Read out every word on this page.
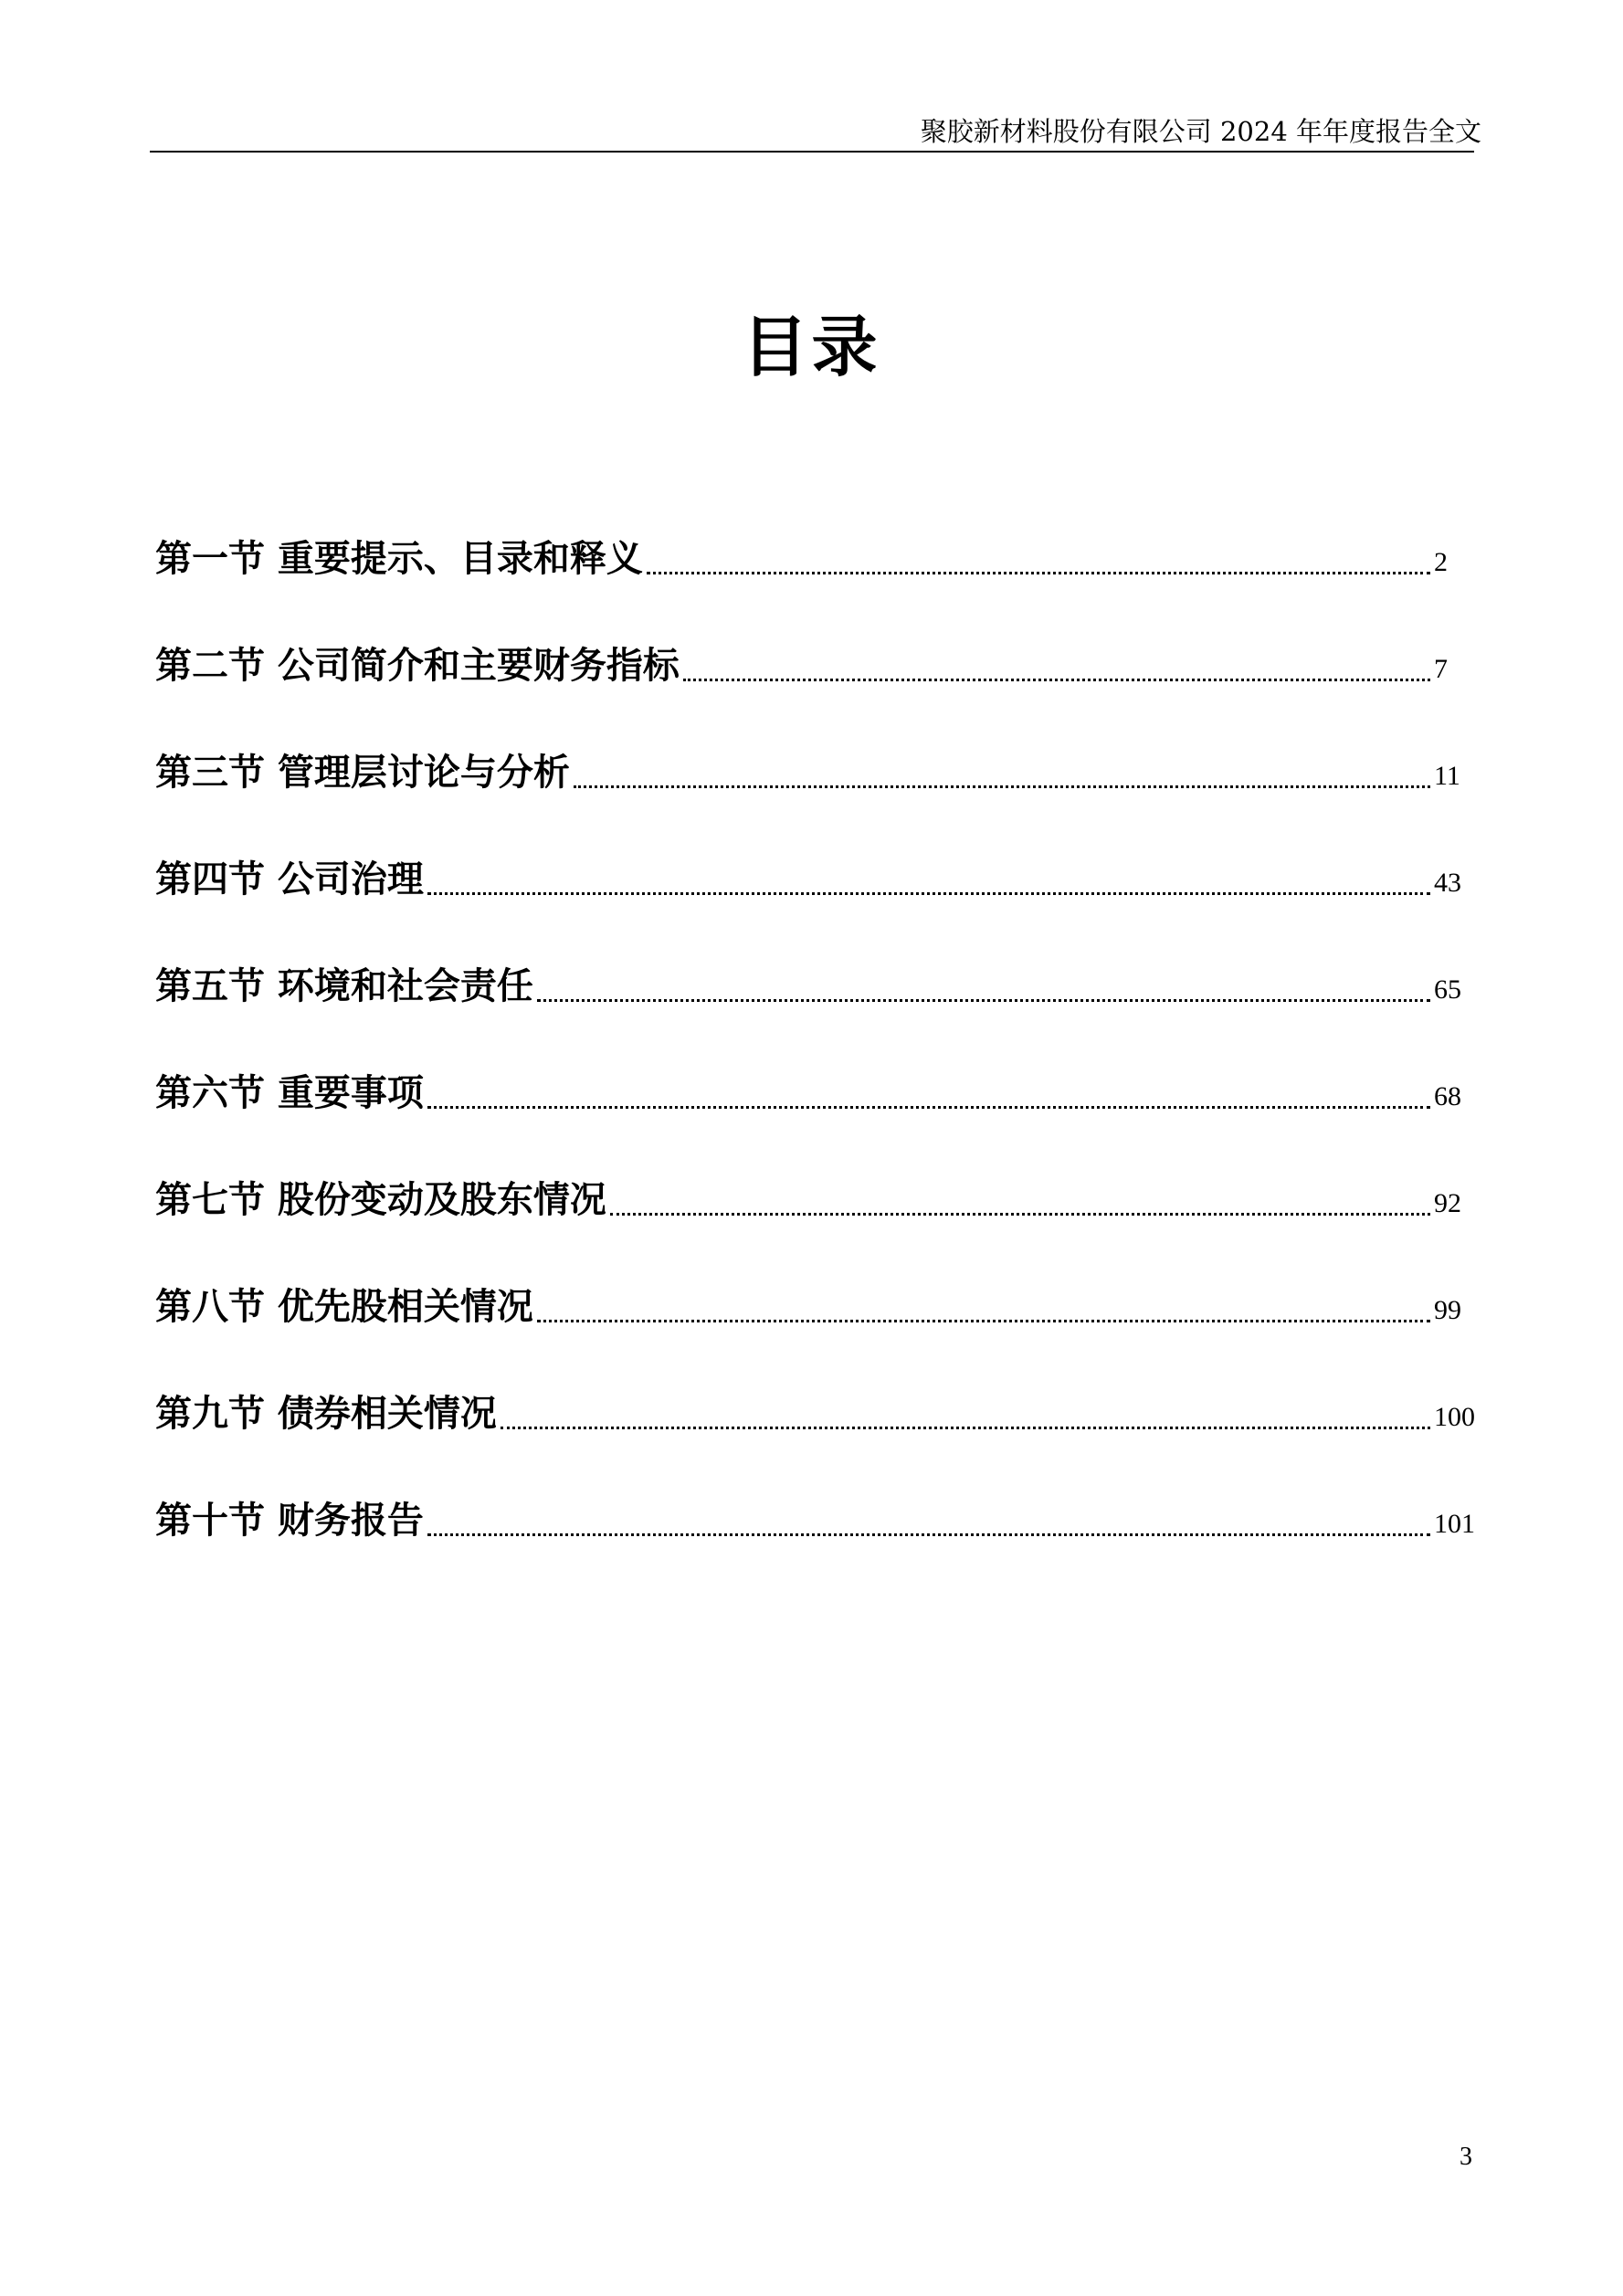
聚胶新材料股份有限公司 2024 年年度报告全文
目录
第一节 重要提示、目录和释义	2
第二节 公司简介和主要财务指标	7
第三节 管理层讨论与分析	11
第四节 公司治理	43
第五节 环境和社会责任	65
第六节 重要事项	68
第七节 股份变动及股东情况	92
第八节 优先股相关情况	99
第九节 债券相关情况	100
第十节 财务报告	101
3
